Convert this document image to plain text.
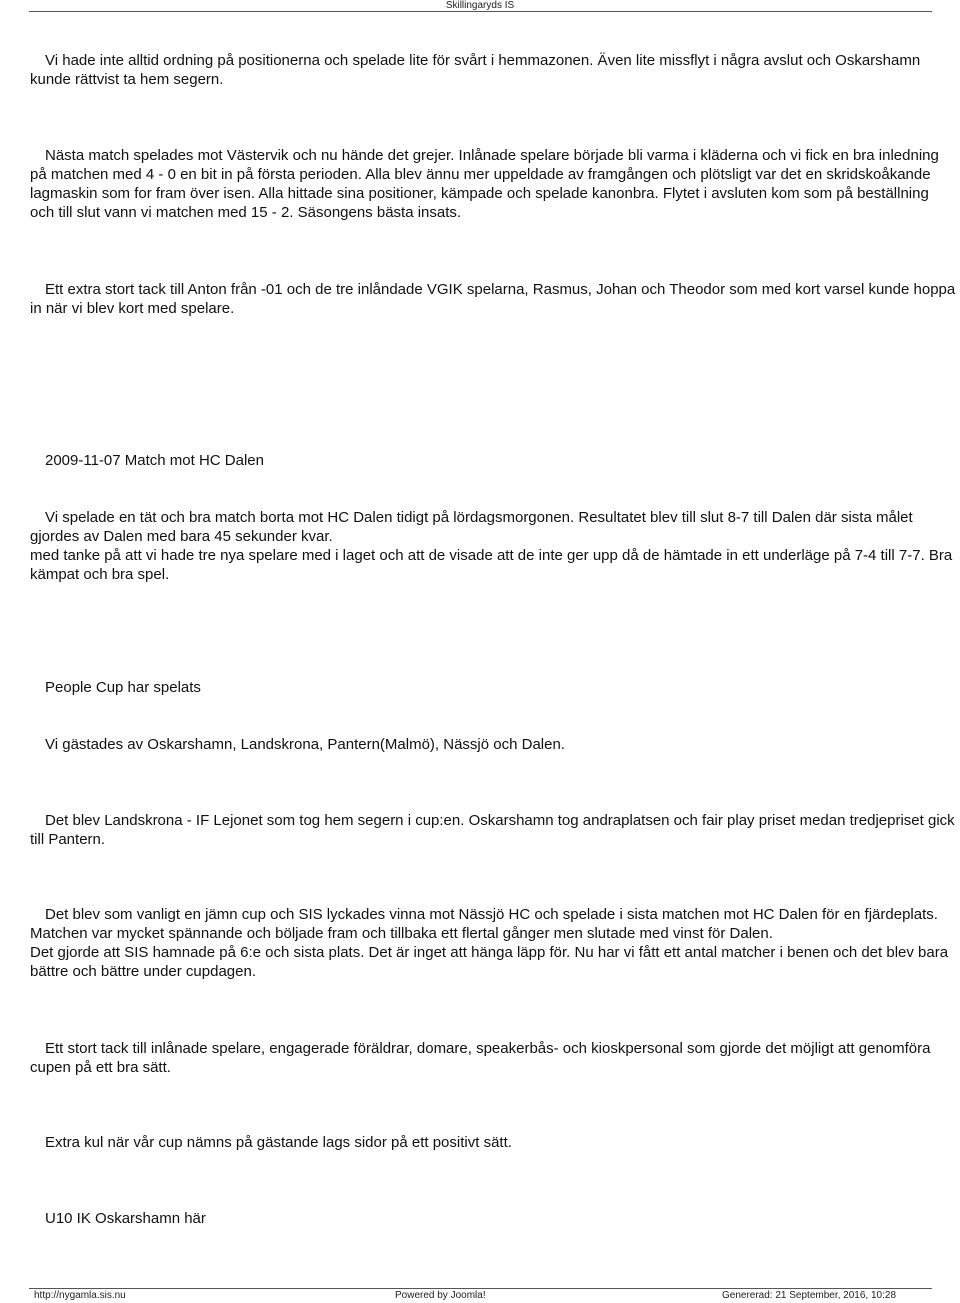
Skillingaryds IS

Vi hade inte alltid ordning på positionerna och spelade lite för svårt i hemmazonen. Även lite missflyt i några avslut och Oskarshamn kunde rättvist ta hem segern.

Nästa match spelades mot Västervik och nu hände det grejer. Inlånade spelare började bli varma i kläderna och vi fick en bra inledning på matchen med 4 - 0 en bit in på första perioden. Alla blev ännu mer uppeldade av framgången och plötsligt var det en skridskoåkande lagmaskin som for fram över isen. Alla hittade sina positioner, kämpade och spelade kanonbra. Flytet i avsluten kom som på beställning och till slut vann vi matchen med 15 - 2. Säsongens bästa insats.

Ett extra stort tack till Anton från -01 och de tre inlåndade VGIK spelarna, Rasmus, Johan och Theodor som med kort varsel kunde hoppa in när vi blev kort med spelare.

2009-11-07 Match mot HC Dalen

Vi spelade en tät och bra match borta mot HC Dalen tidigt på lördagsmorgonen. Resultatet blev till slut 8-7 till Dalen där sista målet gjordes av Dalen med bara 45 sekunder kvar.

med tanke på att vi hade tre nya spelare med i laget och att de visade att de inte ger upp då de hämtade in ett underläge på 7-4 till 7-7. Bra kämpat och bra spel.

People Cup har spelats

Vi gästades av Oskarshamn, Landskrona, Pantern(Malmö), Nässjö och Dalen.

Det blev Landskrona - IF Lejonet som tog hem segern i cup:en. Oskarshamn tog andraplatsen och fair play priset medan tredjepriset gick till Pantern.

Det blev som vanligt en jämn cup och SIS lyckades vinna mot Nässjö HC och spelade i sista matchen mot HC Dalen för en fjärdeplats. Matchen var mycket spännande och böljade fram och tillbaka ett flertal gånger men slutade med vinst för Dalen.

Det gjorde att SIS hamnade på 6:e och sista plats. Det är inget att hänga läpp för. Nu har vi fått ett antal matcher i benen och det blev bara bättre och bättre under cupdagen.

Ett stort tack till inlånade spelare, engagerade föräldrar, domare, speakerbås- och kioskpersonal som gjorde det möjligt att genomföra cupen på ett bra sätt.

Extra kul när vår cup nämns på gästande lags sidor på ett positivt sätt.

U10 IK Oskarshamn här

http://nygamla.sis.nu	Powered by Joomla!	Genererad: 21 September, 2016, 10:28
